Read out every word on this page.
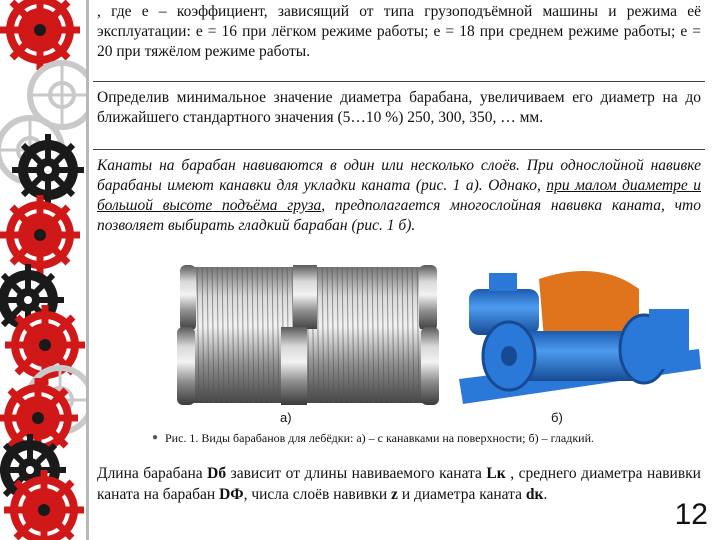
, где e – коэффициент, зависящий от типа грузоподъёмной машины и режима её эксплуатации: e = 16 при лёгком режиме работы; e = 18 при среднем режиме работы; e = 20 при тяжёлом режиме работы.
Определив минимальное значение диаметра барабана, увеличиваем его диаметр на до ближайшего стандартного значения (5…10 %) 250, 300, 350, … мм.
Канаты на барабан навиваются в один или несколько слоёв. При однослойной навивке барабаны имеют канавки для укладки каната (рис. 1 а). Однако, при малом диаметре и большой высоте подъёма груза, предполагается многослойная навивка каната, что позволяет выбирать гладкий барабан (рис. 1 б).
а)	б)
● Рис. 1. Виды барабанов для лебёдки: а) – с канавками на поверхности; б) – гладкий.
Длина барабана Dб зависит от длины навиваемого каната Lк , среднего диаметра навивки каната на барабан DФ, числа слоёв навивки z и диаметра каната dк.
12
